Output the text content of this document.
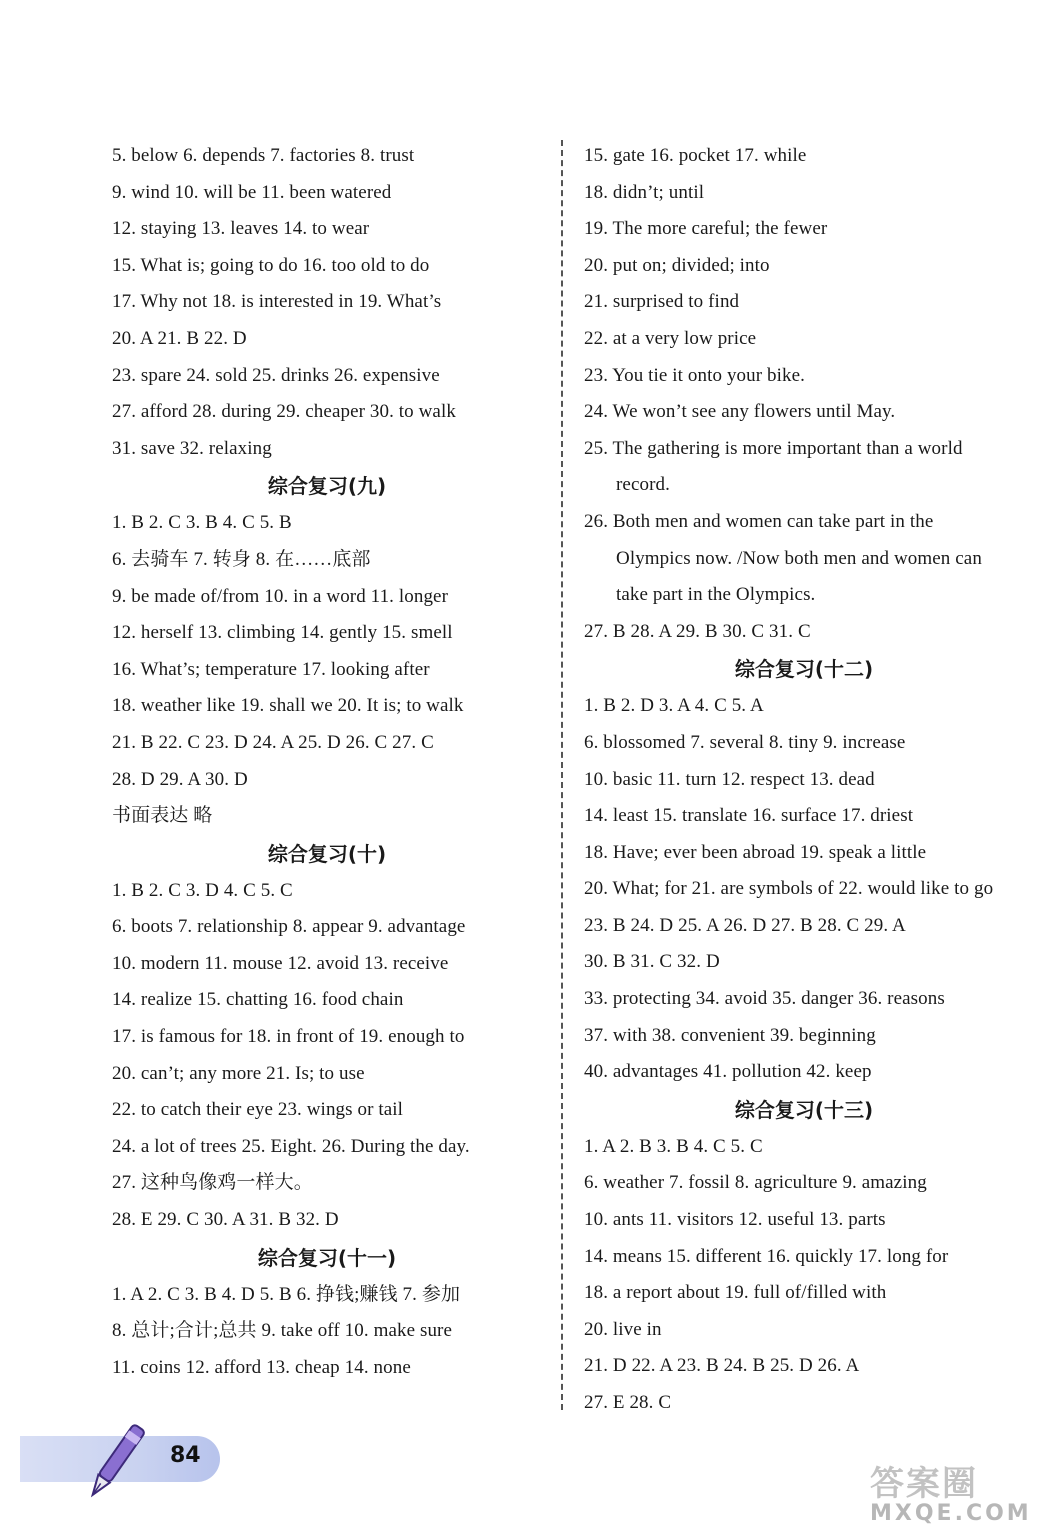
5. below 6. depends 7. factories 8. trust
9. wind 10. will be 11. been watered
12. staying 13. leaves 14. to wear
15. What is; going to do 16. too old to do
17. Why not 18. is interested in 19. What’s
20. A 21. B 22. D
23. spare 24. sold 25. drinks 26. expensive
27. afford 28. during 29. cheaper 30. to walk
31. save 32. relaxing
综合复习(九)
1. B 2. C 3. B 4. C 5. B
6. 去骑车 7. 转身 8. 在……底部
9. be made of/from 10. in a word 11. longer
12. herself 13. climbing 14. gently 15. smell
16. What’s; temperature 17. looking after
18. weather like 19. shall we 20. It is; to walk
21. B 22. C 23. D 24. A 25. D 26. C 27. C
28. D 29. A 30. D
书面表达 略
综合复习(十)
1. B 2. C 3. D 4. C 5. C
6. boots 7. relationship 8. appear 9. advantage
10. modern 11. mouse 12. avoid 13. receive
14. realize 15. chatting 16. food chain
17. is famous for 18. in front of 19. enough to
20. can’t; any more 21. Is; to use
22. to catch their eye 23. wings or tail
24. a lot of trees 25. Eight. 26. During the day.
27. 这种鸟像鸡一样大。
28. E 29. C 30. A 31. B 32. D
综合复习(十一)
1. A 2. C 3. B 4. D 5. B 6. 挣钱;赚钱 7. 参加
8. 总计;合计;总共 9. take off 10. make sure
11. coins 12. afford 13. cheap 14. none
15. gate 16. pocket 17. while
18. didn’t; until
19. The more careful; the fewer
20. put on; divided; into
21. surprised to find
22. at a very low price
23. You tie it onto your bike.
24. We won’t see any flowers until May.
25. The gathering is more important than a world
record.
26. Both men and women can take part in the
Olympics now. /Now both men and women can
take part in the Olympics.
27. B 28. A 29. B 30. C 31. C
综合复习(十二)
1. B 2. D 3. A 4. C 5. A
6. blossomed 7. several 8. tiny 9. increase
10. basic 11. turn 12. respect 13. dead
14. least 15. translate 16. surface 17. driest
18. Have; ever been abroad 19. speak a little
20. What; for 21. are symbols of 22. would like to go
23. B 24. D 25. A 26. D 27. B 28. C 29. A
30. B 31. C 32. D
33. protecting 34. avoid 35. danger 36. reasons
37. with 38. convenient 39. beginning
40. advantages 41. pollution 42. keep
综合复习(十三)
1. A 2. B 3. B 4. C 5. C
6. weather 7. fossil 8. agriculture 9. amazing
10. ants 11. visitors 12. useful 13. parts
14. means 15. different 16. quickly 17. long for
18. a report about 19. full of/filled with
20. live in
21. D 22. A 23. B 24. B 25. D 26. A
27. E 28. C
84
答案圈
MXQE.COM
